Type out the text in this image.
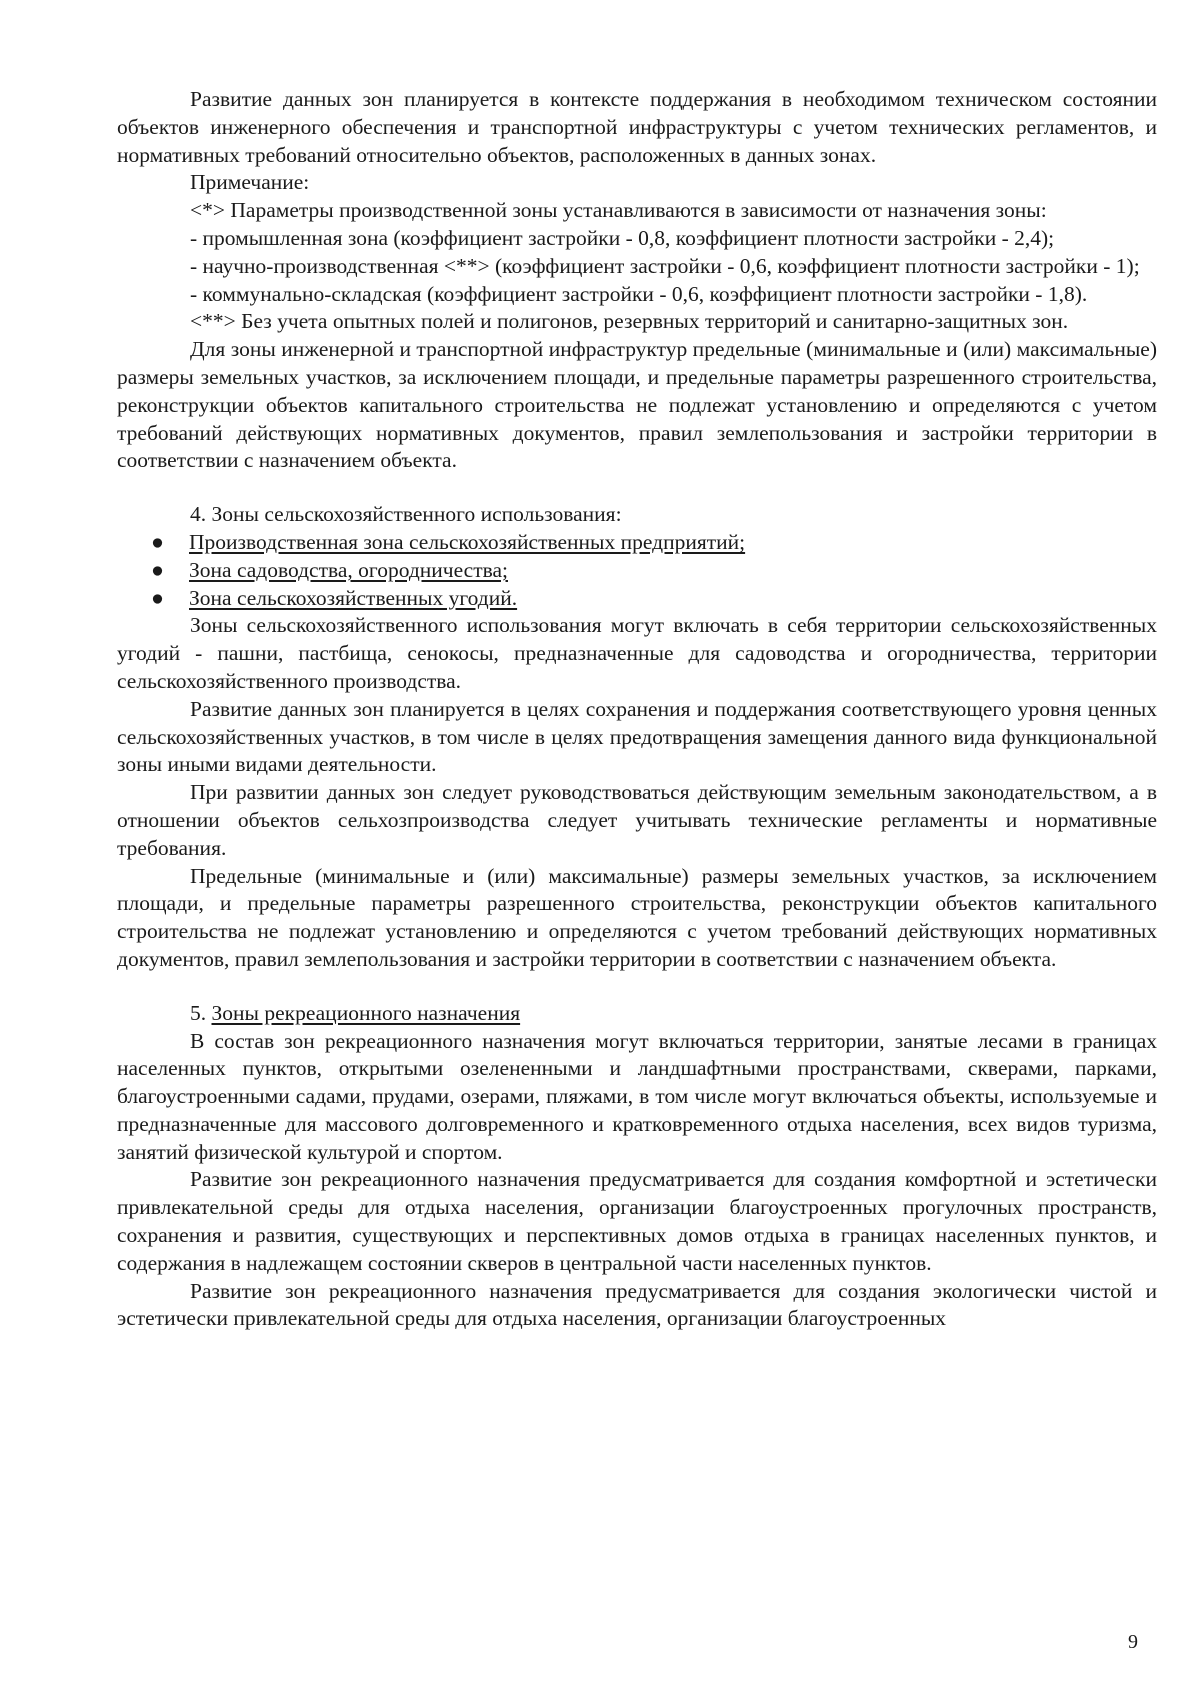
Развитие данных зон планируется в контексте поддержания в необходимом техническом состоянии объектов инженерного обеспечения и транспортной инфраструктуры с учетом технических регламентов, и нормативных требований относительно объектов, расположенных в данных зонах.

Примечание:

<*> Параметры производственной зоны устанавливаются в зависимости от назначения зоны:

- промышленная зона (коэффициент застройки - 0,8, коэффициент плотности застройки - 2,4);

- научно-производственная <**> (коэффициент застройки - 0,6, коэффициент плотности застройки - 1);

- коммунально-складская (коэффициент застройки - 0,6, коэффициент плотности застройки - 1,8).

<**> Без учета опытных полей и полигонов, резервных территорий и санитарно-защитных зон.

Для зоны инженерной и транспортной инфраструктур предельные (минимальные и (или) максимальные) размеры земельных участков, за исключением площади, и предельные параметры разрешенного строительства, реконструкции объектов капитального строительства не подлежат установлению и определяются с учетом требований действующих нормативных документов, правил землепользования и застройки территории в соответствии с назначением объекта.

4. Зоны сельскохозяйственного использования:

● Производственная зона сельскохозяйственных предприятий;
● Зона садоводства, огородничества;
● Зона сельскохозяйственных угодий.

Зоны сельскохозяйственного использования могут включать в себя территории сельскохозяйственных угодий - пашни, пастбища, сенокосы, предназначенные для садоводства и огородничества, территории сельскохозяйственного производства.

Развитие данных зон планируется в целях сохранения и поддержания соответствующего уровня ценных сельскохозяйственных участков, в том числе в целях предотвращения замещения данного вида функциональной зоны иными видами деятельности.

При развитии данных зон следует руководствоваться действующим земельным законодательством, а в отношении объектов сельхозпроизводства следует учитывать технические регламенты и нормативные требования.

Предельные (минимальные и (или) максимальные) размеры земельных участков, за исключением площади, и предельные параметры разрешенного строительства, реконструкции объектов капитального строительства не подлежат установлению и определяются с учетом требований действующих нормативных документов, правил землепользования и застройки территории в соответствии с назначением объекта.

5. Зоны рекреационного назначения

В состав зон рекреационного назначения могут включаться территории, занятые лесами в границах населенных пунктов, открытыми озелененными и ландшафтными пространствами, скверами, парками, благоустроенными садами, прудами, озерами, пляжами, в том числе могут включаться объекты, используемые и предназначенные для массового долговременного и кратковременного отдыха населения, всех видов туризма, занятий физической культурой и спортом.

Развитие зон рекреационного назначения предусматривается для создания комфортной и эстетически привлекательной среды для отдыха населения, организации благоустроенных прогулочных пространств, сохранения и развития, существующих и перспективных домов отдыха в границах населенных пунктов, и содержания в надлежащем состоянии скверов в центральной части населенных пунктов.

Развитие зон рекреационного назначения предусматривается для создания экологически чистой и эстетически привлекательной среды для отдыха населения, организации благоустроенных

9
